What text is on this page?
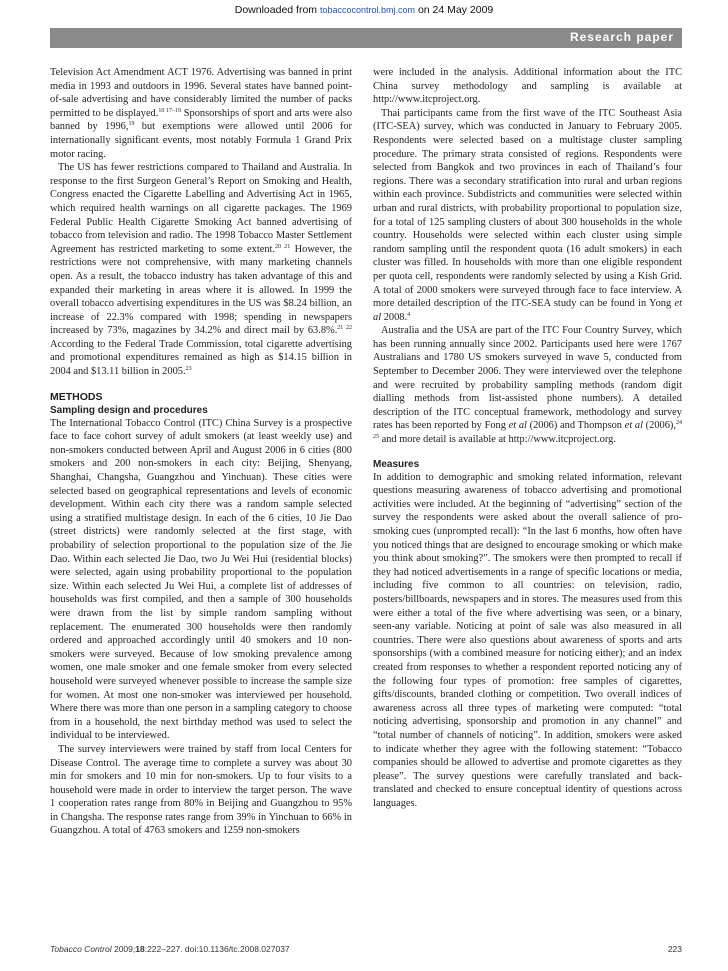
Downloaded from tobaccocontrol.bmj.com on 24 May 2009
Research paper

Television Act Amendment ACT 1976. Advertising was banned in print media in 1993 and outdoors in 1996. Several states have banned point-of-sale advertising and have considerably limited the number of packs permitted to be displayed.$^{10 17-19}$ Sponsorships of sport and arts were also banned by 1996,19 but exemptions were allowed until 2006 for internationally significant events, most notably Formula 1 Grand Prix motor racing.

The US has fewer restrictions compared to Thailand and Australia. In response to the first Surgeon General’s Report on Smoking and Health, Congress enacted the Cigarette Labelling and Advertising Act in 1965, which required health warnings on all cigarette packages. The 1969 Federal Public Health Cigarette Smoking Act banned advertising of tobacco from television and radio. The 1998 Tobacco Master Settlement Agreement has restricted marketing to some extent.$^{20 21}$ However, the restrictions were not comprehensive, with many marketing channels open. As a result, the tobacco industry has taken advantage of this and expanded their marketing in areas where it is allowed. In 1999 the overall tobacco advertising expenditures in the US was $8.24 billion, an increase of 22.3% compared with 1998; spending in newspapers increased by 73%, magazines by 34.2% and direct mail by 63.8%.$^{21 22}$ According to the Federal Trade Commission, total cigarette advertising and promotional expenditures remained as high as $14.15 billion in 2004 and $13.11 billion in 2005.23

METHODS
Sampling design and procedures

The International Tobacco Control (ITC) China Survey is a prospective face to face cohort survey of adult smokers (at least weekly use) and non-smokers conducted between April and August 2006 in 6 cities (800 smokers and 200 non-smokers in each city: Beijing, Shenyang, Shanghai, Changsha, Guangzhou and Yinchuan). These cities were selected based on geographical representations and levels of economic development. Within each city there was a random sample selected using a stratified multistage design. In each of the 6 cities, 10 Jie Dao (street districts) were randomly selected at the first stage, with probability of selection proportional to the population size of the Jie Dao. Within each selected Jie Dao, two Ju Wei Hui (residential blocks) were selected, again using probability proportional to the population size. Within each selected Ju Wei Hui, a complete list of addresses of households was first compiled, and then a sample of 300 households were drawn from the list by simple random sampling without replacement. The enumerated 300 households were then randomly ordered and approached accordingly until 40 smokers and 10 non-smokers were surveyed. Because of low smoking prevalence among women, one male smoker and one female smoker from every selected household were surveyed whenever possible to increase the sample size for women. At most one non-smoker was interviewed per household. Where there was more than one person in a sampling category to choose from in a household, the next birthday method was used to select the individual to be interviewed.

The survey interviewers were trained by staff from local Centers for Disease Control. The average time to complete a survey was about 30 min for smokers and 10 min for non-smokers. Up to four visits to a household were made in order to interview the target person. The wave 1 cooperation rates range from 80% in Beijing and Guangzhou to 95% in Changsha. The response rates range from 39% in Yinchuan to 66% in Guangzhou. A total of 4763 smokers and 1259 non-smokers

were included in the analysis. Additional information about the ITC China survey methodology and sampling is available at http://www.itcproject.org.

Thai participants came from the first wave of the ITC Southeast Asia (ITC-SEA) survey, which was conducted in January to February 2005. Respondents were selected based on a multistage cluster sampling procedure. The primary strata consisted of regions. Respondents were selected from Bangkok and two provinces in each of Thailand’s four regions. There was a secondary stratification into rural and urban regions within each province. Subdistricts and communities were selected within urban and rural districts, with probability proportional to population size, for a total of 125 sampling clusters of about 300 households in the whole country. Households were selected within each cluster using simple random sampling until the respondent quota (16 adult smokers) in each cluster was filled. In households with more than one eligible respondent per quota cell, respondents were randomly selected by using a Kish Grid. A total of 2000 smokers were surveyed through face to face interview. A more detailed description of the ITC-SEA study can be found in Yong et al 2008.$^4$

Australia and the USA are part of the ITC Four Country Survey, which has been running annually since 2002. Participants used here were 1767 Australians and 1780 US smokers surveyed in wave 5, conducted from September to December 2006. They were interviewed over the telephone and were recruited by probability sampling methods (random digit dialling methods from list-assisted phone numbers). A detailed description of the ITC conceptual framework, methodology and survey rates has been reported by Fong et al (2006) and Thompson et al (2006),$^{24 25}$ and more detail is available at http://www.itcproject.org.

Measures

In addition to demographic and smoking related information, relevant questions measuring awareness of tobacco advertising and promotional activities were included. At the beginning of “advertising” section of the survey the respondents were asked about the overall salience of pro-smoking cues (unprompted recall): “In the last 6 months, how often have you noticed things that are designed to encourage smoking or which make you think about smoking?”. The smokers were then prompted to recall if they had noticed advertisements in a range of specific locations or media, including five common to all countries: on television, radio, posters/billboards, newspapers and in stores. The measures used from this were either a total of the five where advertising was seen, or a binary, seen-any variable. Noticing at point of sale was also measured in all countries. There were also questions about awareness of sports and arts sponsorships (with a combined measure for noticing either); and an index created from responses to whether a respondent reported noticing any of the following four types of promotion: free samples of cigarettes, gifts/discounts, branded clothing or competition. Two overall indices of awareness across all three types of marketing were computed: “total noticing advertising, sponsorship and promotion in any channel” and “total number of channels of noticing”. In addition, smokers were asked to indicate whether they agree with the following statement: “Tobacco companies should be allowed to advertise and promote cigarettes as they please”. The survey questions were carefully translated and back-translated and checked to ensure conceptual identity of questions across languages.

Tobacco Control 2009;18:222–227. doi:10.1136/tc.2008.027037	223
